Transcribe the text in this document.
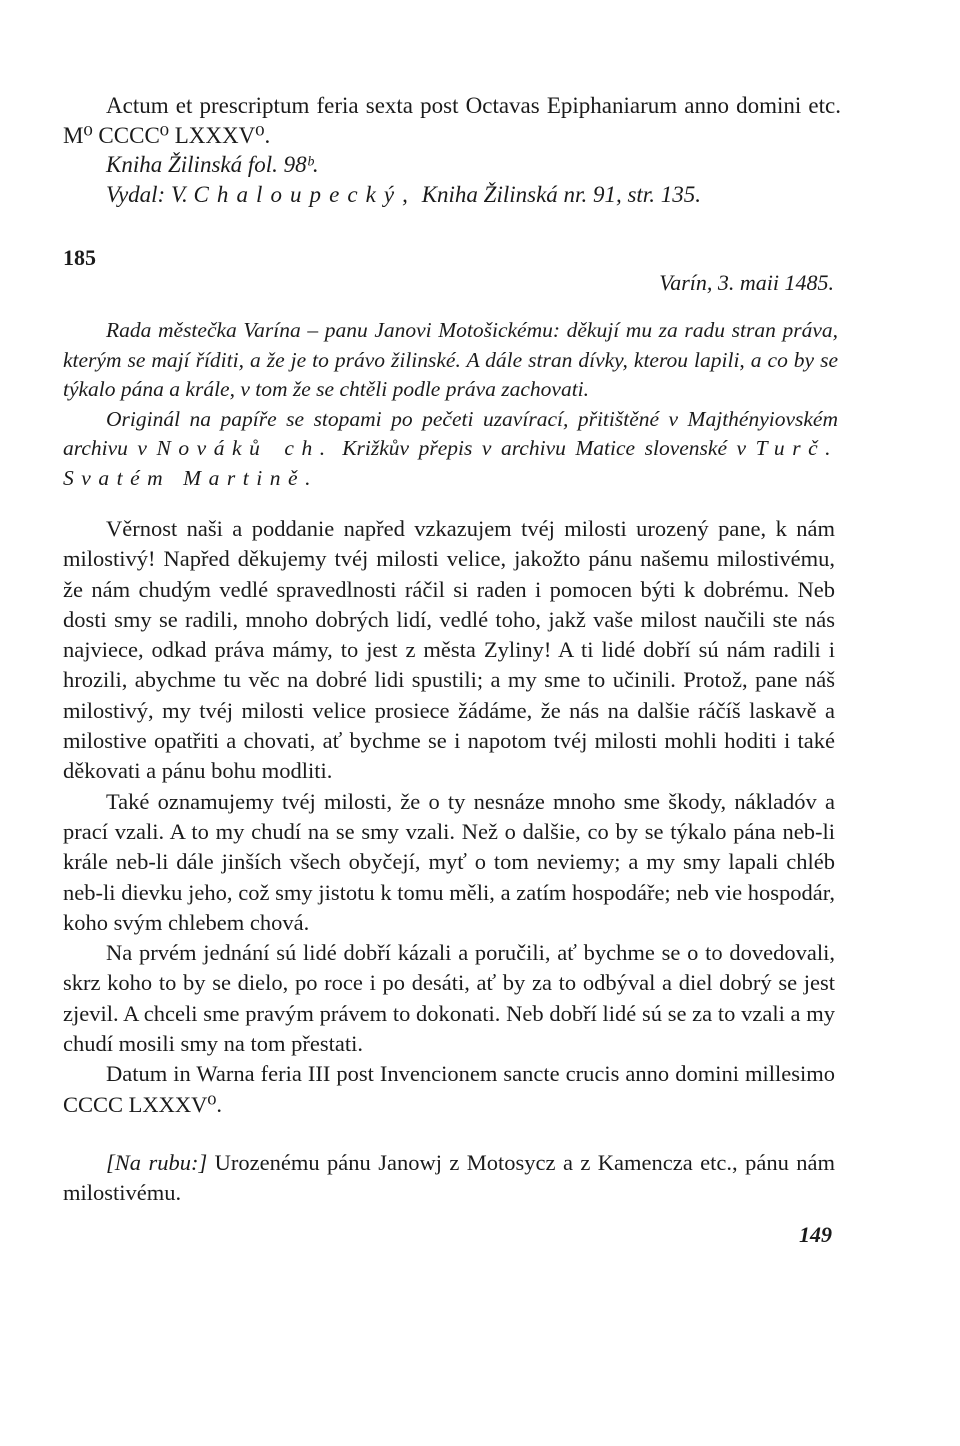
Actum et prescriptum feria sexta post Octavas Epiphaniarum anno domini etc. M⁰ CCCC⁰ LXXXV⁰.

Kniha Žilinská fol. 98ᵇ.

Vydal: V. Chaloupecký, Kniha Žilinská nr. 91, str. 135.

185
Varín, 3. maii 1485.

Rada městečka Varína – panu Janovi Motošickému: děkují mu za radu stran práva, kterým se mají říditi, a že je to právo žilinské. A dále stran dívky, kterou lapili, a co by se týkalo pána a krále, v tom že se chtěli podle práva zachovati.

Originál na papíře se stopami po pečeti uzavírací, přitištěné v Majthényiovském archivu v Nováků ch. Križkův přepis v archivu Matice slovenské v Turč. Svatém Martině.

Věrnost naši a poddanie napřed vzkazujem tvéj milosti urozený pane, k nám milostivý! Napřed děkujemy tvéj milosti velice, jakožto pánu našemu milostivému, že nám chudým vedlé spravedlnosti ráčil si raden i pomocen býti k dobrému. Neb dosti smy se radili, mnoho dobrých lidí, vedlé toho, jakž vaše milost naučili ste nás najviece, odkad práva mámy, to jest z města Zyliny! A ti lidé dobří sú nám radili i hrozili, abychme tu věc na dobré lidi spustili; a my sme to učinili. Protož, pane náš milostivý, my tvéj milosti velice prosiece žádáme, že nás na dalšie ráčíš laskavě a milostive opatřiti a chovati, ať bychme se i napotom tvéj milosti mohli hoditi i také děkovati a pánu bohu modliti.

Také oznamujemy tvéj milosti, že o ty nesnáze mnoho sme škody, nákladóv a prací vzali. A to my chudí na se smy vzali. Než o dalšie, co by se týkalo pána neb-li krále neb-li dále jinších všech obyčejí, myť o tom neviemy; a my smy lapali chléb neb-li dievku jeho, což smy jistotu k tomu měli, a zatím hospodáře; neb vie hospodár, koho svým chlebem chová.

Na prvém jednání sú lidé dobří kázali a poručili, ať bychme se o to dovedovali, skrz koho to by se dielo, po roce i po desáti, ať by za to odbýval a diel dobrý se jest zjevil. A chceli sme pravým právem to dokonati. Neb dobří lidé sú se za to vzali a my chudí mosili smy na tom přestati.

Datum in Warna feria III post Invencionem sancte crucis anno domini millesimo CCCC LXXXV⁰.

[Na rubu:] Urozenému pánu Janowj z Motosycz a z Kamencza etc., pánu nám milostivému.

149
